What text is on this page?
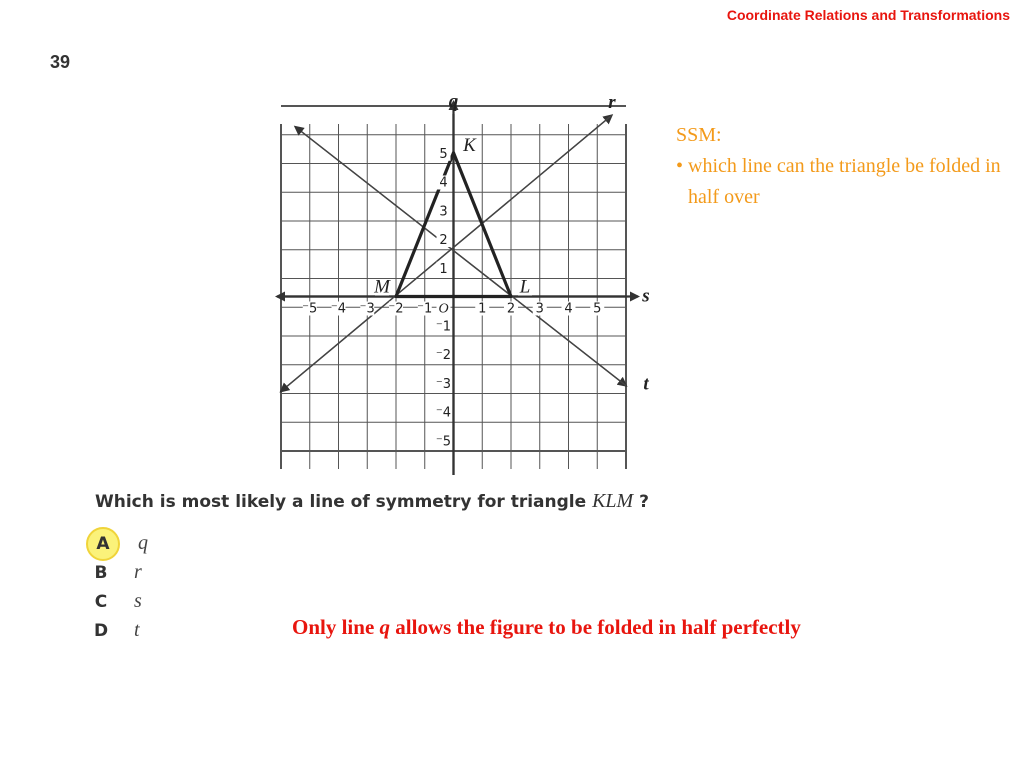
Coordinate Relations and Transformations
39
⁻5 ⁻4 ⁻3 ⁻2 ⁻1	1 2 3 4 5
5
4
3
2
1
⁻1
⁻2
⁻3
⁻4
⁻5
O
q	r
s
t
K
L
M
SSM:
• which line can the triangle be folded in half over
Which is most likely a line of symmetry for triangle KLM ?
A	q
B	r
C	s
D	t	Only line q allows the figure to be folded in half perfectly
